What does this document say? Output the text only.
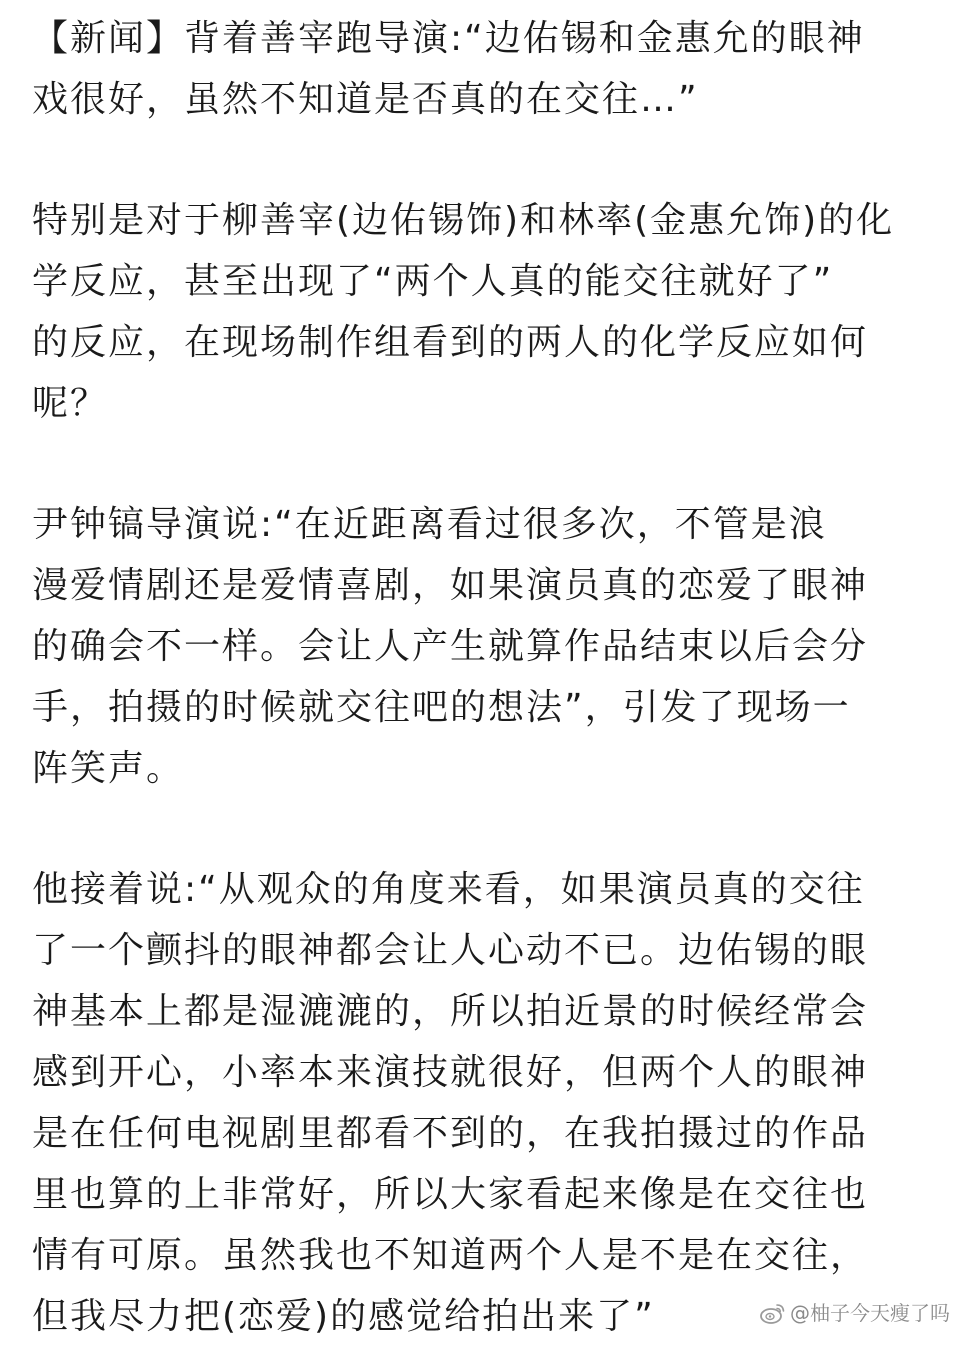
【新闻】背着善宰跑导演:“边佑锡和金惠允的眼神
戏很好，虽然不知道是否真的在交往…”
特别是对于柳善宰(边佑锡饰)和林率(金惠允饰)的化
学反应，甚至出现了“两个人真的能交往就好了”
的反应，在现场制作组看到的两人的化学反应如何
呢？
尹钟镐导演说:“在近距离看过很多次，不管是浪
漫爱情剧还是爱情喜剧，如果演员真的恋爱了眼神
的确会不一样。会让人产生就算作品结束以后会分
手，拍摄的时候就交往吧的想法”，引发了现场一
阵笑声。
他接着说:“从观众的角度来看，如果演员真的交往
了一个颤抖的眼神都会让人心动不已。边佑锡的眼
神基本上都是湿漉漉的，所以拍近景的时候经常会
感到开心，小率本来演技就很好，但两个人的眼神
是在任何电视剧里都看不到的，在我拍摄过的作品
里也算的上非常好，所以大家看起来像是在交往也
情有可原。虽然我也不知道两个人是不是在交往，
但我尽力把(恋爱)的感觉给拍出来了”	@柚子今天瘦了吗
